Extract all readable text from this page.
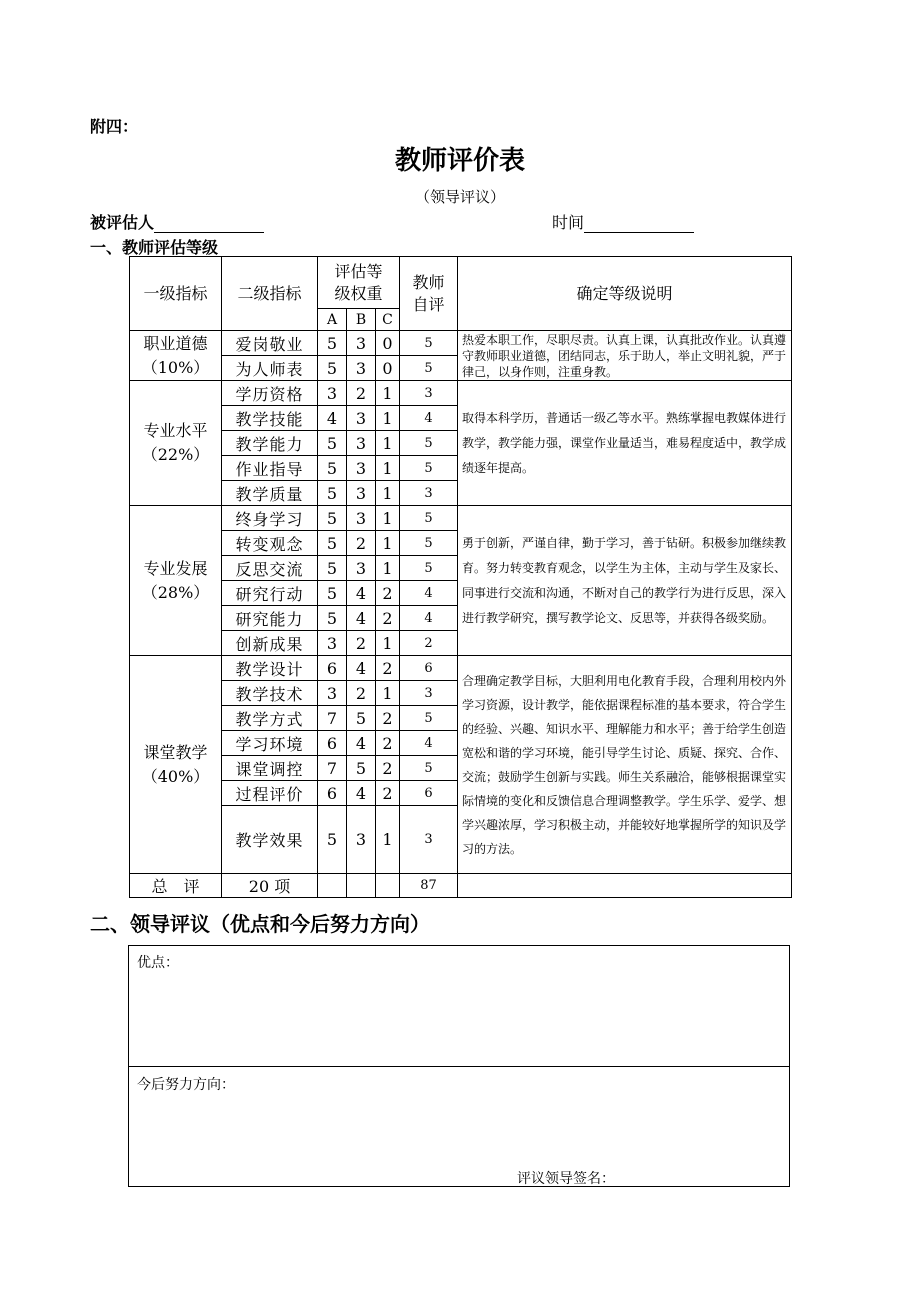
附四：
教师评价表
（领导评议）
被评估人	时间
一、教师评估等级
一级指标	二级指标	评估等
级权重			教师
自评	确定等级说明
		A	B	C		
职业道德
（10%）	爱岗敬业	5	3	0	5	热爱本职工作，尽职尽责。认真上课，认真批改作业。认真遵守教师职业道德，团结同志，乐于助人，举止文明礼貌，严于律己，以身作则，注重身教。
	为人师表	5	3	0	5	
专业水平
（22%）	学历资格	3	2	1	3	取得本科学历，普通话一级乙等水平。熟练掌握电教媒体进行教学，教学能力强，课堂作业量适当，难易程度适中，教学成绩逐年提高。
	教学技能	4	3	1	4	
	教学能力	5	3	1	5	
	作业指导	5	3	1	5	
	教学质量	5	3	1	3	
专业发展
（28%）	终身学习	5	3	1	5	勇于创新，严谨自律，勤于学习，善于钻研。积极参加继续教育。努力转变教育观念，以学生为主体，主动与学生及家长、同事进行交流和沟通，不断对自己的教学行为进行反思，深入进行教学研究，撰写教学论文、反思等，并获得各级奖励。
	转变观念	5	2	1	5	
	反思交流	5	3	1	5	
	研究行动	5	4	2	4	
	研究能力	5	4	2	4	
	创新成果	3	2	1	2	
课堂教学
（40%）	教学设计	6	4	2	6	合理确定教学目标，大胆利用电化教育手段，合理利用校内外学习资源，设计教学，能依据课程标准的基本要求，符合学生的经验、兴趣、知识水平、理解能力和水平；善于给学生创造宽松和谐的学习环境，能引导学生讨论、质疑、探究、合作、交流；鼓励学生创新与实践。师生关系融洽，能够根据课堂实际情境的变化和反馈信息合理调整教学。学生乐学、爱学、想学兴趣浓厚，学习积极主动，并能较好地掌握所学的知识及学习的方法。
	教学技术	3	2	1	3	
	教学方式	7	5	2	5	
	学习环境	6	4	2	4	
	课堂调控	7	5	2	5	
	过程评价	6	4	2	6	
	教学效果	5	3	1	3	
总　评	20 项				87	
二、领导评议（优点和今后努力方向）
优点：
今后努力方向：
评议领导签名：
